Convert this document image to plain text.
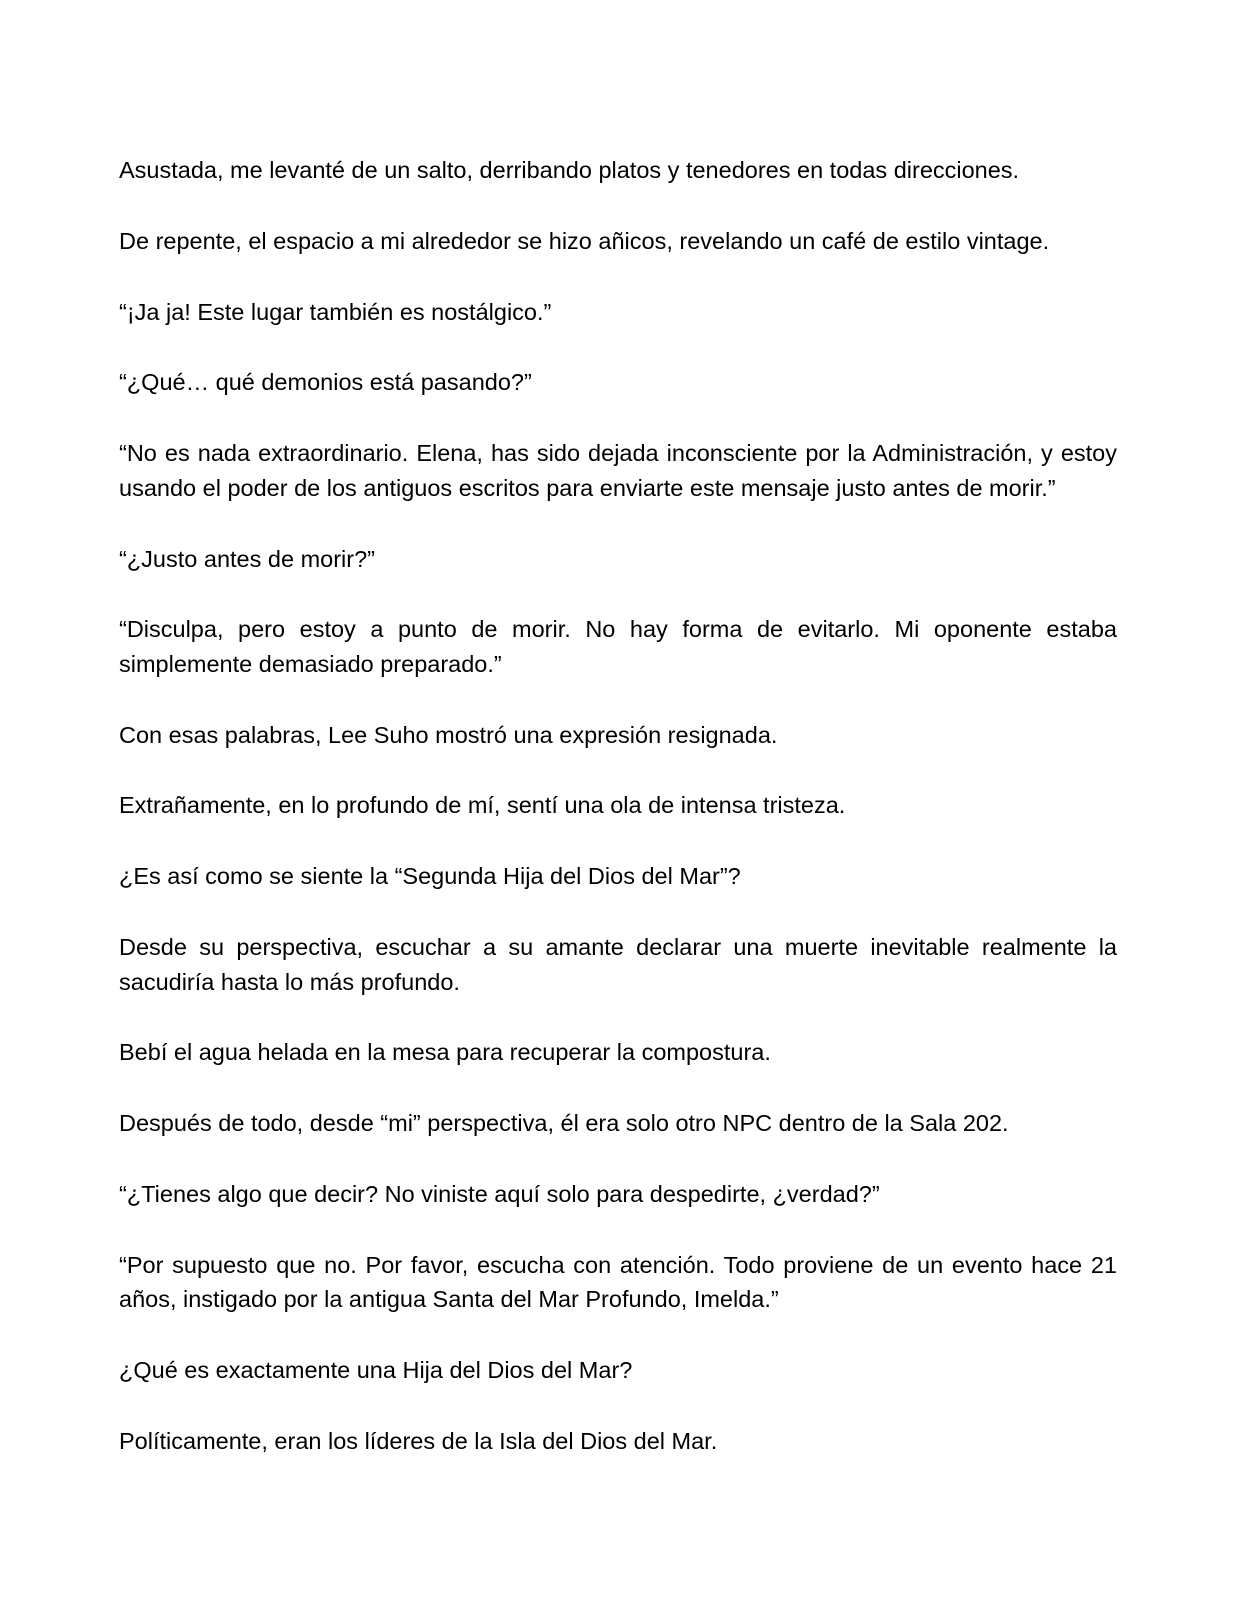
Asustada, me levanté de un salto, derribando platos y tenedores en todas direcciones.

De repente, el espacio a mi alrededor se hizo añicos, revelando un café de estilo vintage.

“¡Ja ja! Este lugar también es nostálgico.”

“¿Qué… qué demonios está pasando?”

“No es nada extraordinario. Elena, has sido dejada inconsciente por la Administración, y estoy usando el poder de los antiguos escritos para enviarte este mensaje justo antes de morir.”

“¿Justo antes de morir?”

“Disculpa, pero estoy a punto de morir. No hay forma de evitarlo. Mi oponente estaba simplemente demasiado preparado.”

Con esas palabras, Lee Suho mostró una expresión resignada.

Extrañamente, en lo profundo de mí, sentí una ola de intensa tristeza.

¿Es así como se siente la “Segunda Hija del Dios del Mar”?

Desde su perspectiva, escuchar a su amante declarar una muerte inevitable realmente la sacudiría hasta lo más profundo.

Bebí el agua helada en la mesa para recuperar la compostura.

Después de todo, desde “mi” perspectiva, él era solo otro NPC dentro de la Sala 202.

“¿Tienes algo que decir? No viniste aquí solo para despedirte, ¿verdad?”

“Por supuesto que no. Por favor, escucha con atención. Todo proviene de un evento hace 21 años, instigado por la antigua Santa del Mar Profundo, Imelda.”

¿Qué es exactamente una Hija del Dios del Mar?

Políticamente, eran los líderes de la Isla del Dios del Mar.
